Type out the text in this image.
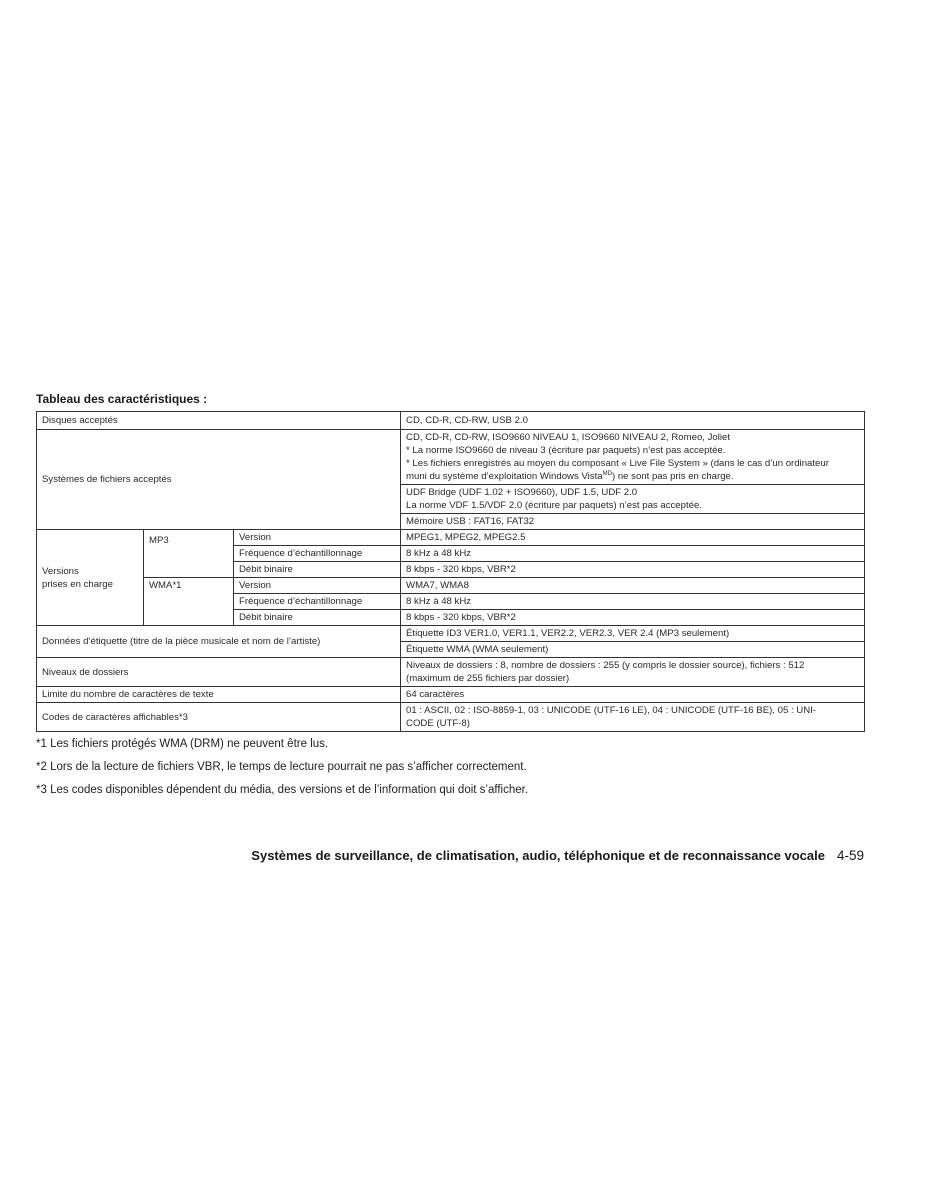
Tableau des caractéristiques :
Disques acceptés			CD, CD-R, CD-RW, USB 2.0
Systèmes de fichiers acceptés			CD, CD-R, CD-RW, ISO9660 NIVEAU 1, ISO9660 NIVEAU 2, Romeo, Joliet
* La norme ISO9660 de niveau 3 (écriture par paquets) n’est pas acceptée.
* Les fichiers enregistrés au moyen du composant « Live File System » (dans le cas d’un ordinateur
muni du système d’exploitation Windows Vista$^{MD}$) ne sont pas pris en charge.

			UDF Bridge (UDF 1.02 + ISO9660), UDF 1.5, UDF 2.0
La norme VDF 1.5/VDF 2.0 (écriture par paquets) n’est pas acceptée.

			Mémoire USB : FAT16, FAT32

Versions
prises en charge	MP3	Version	MPEG1, MPEG2, MPEG2.5
		Fréquence d’échantillonnage	8 kHz à 48 kHz
		Débit binaire	8 kbps - 320 kbps, VBR*2
	WMA*1	Version	WMA7, WMA8
		Fréquence d’échantillonnage	8 kHz à 48 kHz
		Débit binaire	8 kbps - 320 kbps, VBR*2
Données d’étiquette (titre de la pièce musicale et nom de l’artiste)			Étiquette ID3 VER1.0, VER1.1, VER2.2, VER2.3, VER 2.4 (MP3 seulement)
			Étiquette WMA (WMA seulement)
Niveaux de dossiers			Niveaux de dossiers : 8, nombre de dossiers : 255 (y compris le dossier source), fichiers : 512
(maximum de 255 fichiers par dossier)

Limite du nombre de caractères de texte			64 caractères
Codes de caractères affichables*3			01 : ASCII, 02 : ISO-8859-1, 03 : UNICODE (UTF-16 LE), 04 : UNICODE (UTF-16 BE), 05 : UNI-
CODE (UTF-8)

*1 Les fichiers protégés WMA (DRM) ne peuvent être lus.

*2 Lors de la lecture de fichiers VBR, le temps de lecture pourrait ne pas s’afficher correctement.

*3 Les codes disponibles dépendent du média, des versions et de l’information qui doit s’afficher.

Systèmes de surveillance, de climatisation, audio, téléphonique et de reconnaissance vocale 4-59
